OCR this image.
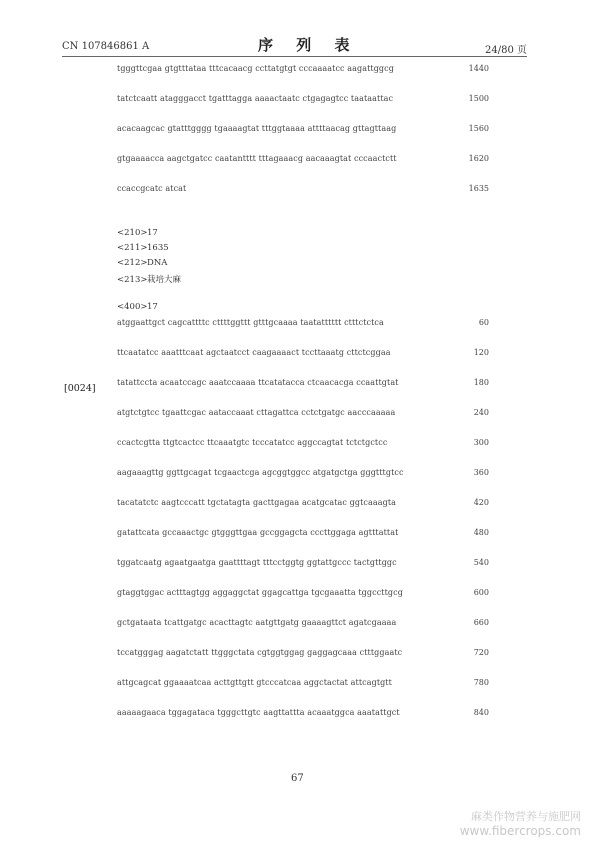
CN 107846861 A	序 列 表	24/80 页
tgggttcgaa gtgtttataa tttcacaacg ccttatgtgt cccaaaatcc aagattggcg	1440
tatctcaatt atagggacct tgatttagga aaaactaatc ctgagagtcc taataattac	1500
acacaagcac gtatttgggg tgaaaagtat tttggtaaaa attttaacag gttagttaag	1560
gtgaaaacca aagctgatcc caatantttt tttagaaacg aacaaagtat cccaactctt	1620
ccaccgcatc atcat	1635
<210>17
<211>1635
<212>DNA
<213>栽培大麻
<400>17
[0024]
atggaattgct cagcattttc cttttggttt gtttgcaaaa taatatttttt ctttctctca	60
ttcaatatcc aaatttcaat agctaatcct caagaaaact tccttaaatg cttctcggaa	120
tatattccta acaatccagc aaatccaaaa ttcatatacca ctcaacacga ccaattgtat	180
atgtctgtcc tgaattcgac aataccaaat cttagattca cctctgatgc aacccaaaaa	240
ccactcgtta ttgtcactcc ttcaaatgtc tcccatatcc aggccagtat tctctgctcc	300
aagaaagttg ggttgcagat tcgaactcga agcggtggcc atgatgctga gggtttgtcc	360
tacatatctc aagtcccatt tgctatagta gacttgagaa acatgcatac ggtcaaagta	420
gatattcata gccaaactgc gtgggttgaa gccggagcta cccttggaga agtttattat	480
tggatcaatg agaatgaatga gaattttagt tttcctggtg ggtattgccc tactgttggc	540
gtaggtggac actttagtgg aggaggctat ggagcattga tgcgaaatta tggccttgcg	600
gctgataata tcattgatgc acacttagtc aatgttgatg gaaaagttct agatcgaaaa	660
tccatgggag aagatctatt ttgggctata cgtggtggag gaggagcaaa ctttggaatc	720
attgcagcat ggaaaatcaa acttgttgtt gtcccatcaa aggctactat attcagtgtt	780
aaaaagaaca tggagataca tgggcttgtc aagttattta acaaatggca aaatattgct	840
67
麻类作物营养与施肥网
www.fibercrops.com
